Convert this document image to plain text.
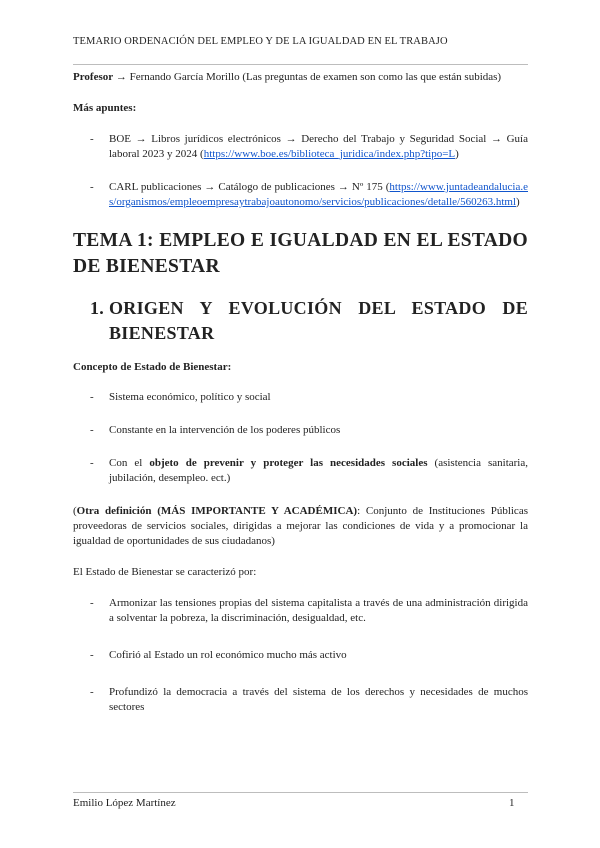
TEMARIO ORDENACIÓN DEL EMPLEO Y DE LA IGUALDAD EN EL TRABAJO

Profesor → Fernando García Morillo (Las preguntas de examen son como las que están subidas)

Más apuntes:

- BOE → Libros jurídicos electrónicos → Derecho del Trabajo y Seguridad Social → Guía laboral 2023 y 2024 (https://www.boe.es/biblioteca_juridica/index.php?tipo=L)
- CARL publicaciones → Catálogo de publicaciones → Nº 175 (https://www.juntadeandalucia.es/organismos/empleoempresaytrabajoautonomo/servicios/publicaciones/detalle/560263.html)
TEMA 1: EMPLEO E IGUALDAD EN EL ESTADO DE BIENESTAR
1. ORIGEN Y EVOLUCIÓN DEL ESTADO DE BIENESTAR

Concepto de Estado de Bienestar:

- Sistema económico, político y social
- Constante en la intervención de los poderes públicos
- Con el objeto de prevenir y proteger las necesidades sociales (asistencia sanitaria, jubilación, desempleo. ect.)

(Otra definición (MÁS IMPORTANTE Y ACADÉMICA): Conjunto de Instituciones Públicas proveedoras de servicios sociales, dirigidas a mejorar las condiciones de vida y a promocionar la igualdad de oportunidades de sus ciudadanos)

El Estado de Bienestar se caracterizó por:

- Armonizar las tensiones propias del sistema capitalista a través de una administración dirigida a solventar la pobreza, la discriminación, desigualdad, etc.
- Cofirió al Estado un rol económico mucho más activo
- Profundizó la democracia a través del sistema de los derechos y necesidades de muchos sectores
Emilio López Martínez	1
